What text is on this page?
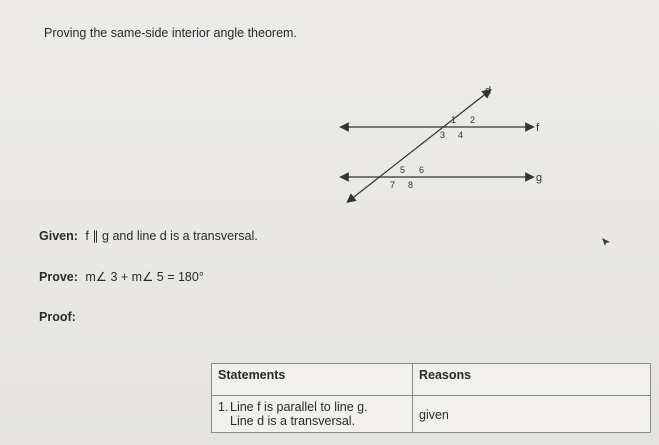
Proving the same-side interior angle theorem.
d
f
g
1 2
3 4
5 6
7 8
Given: f ∥ g and line d is a transversal.
Prove: m∠ 3 + m∠ 5 = 180°
Proof:
Statements	Reasons
1. Line f is parallel to line g.
Line d is a transversal.	given
